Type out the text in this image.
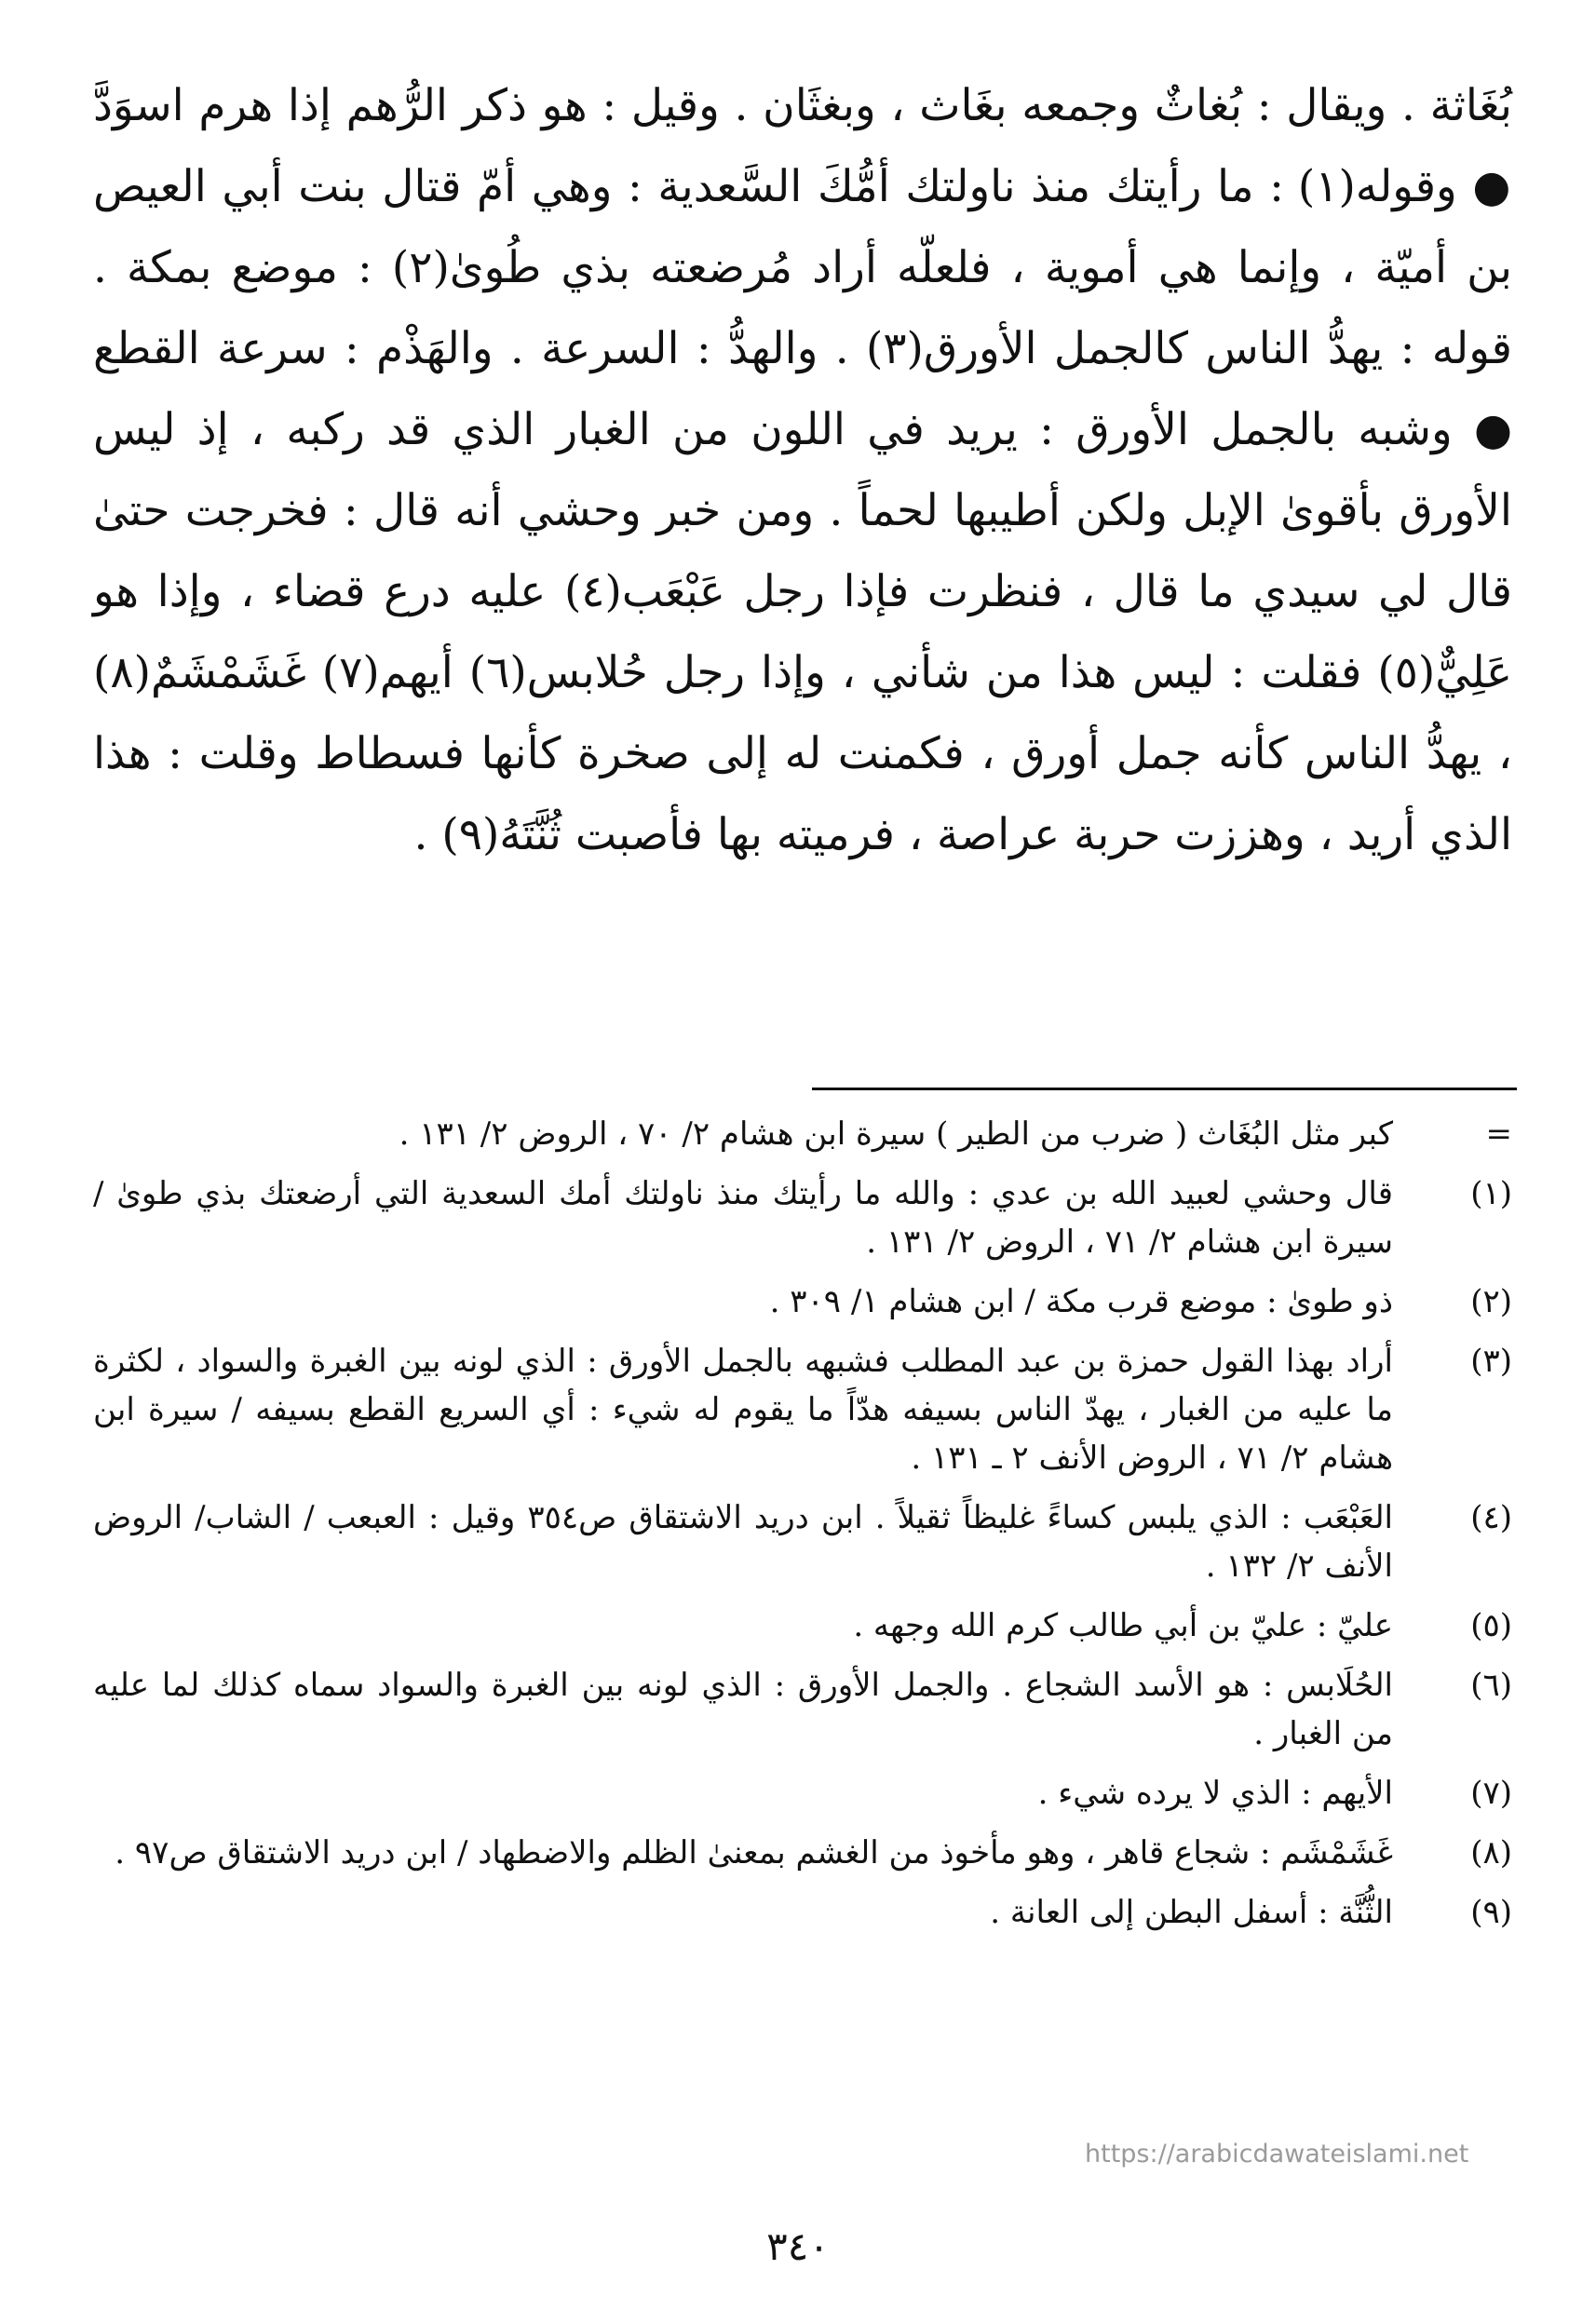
بُغَاثة . ويقال : بُغاثٌ وجمعه بغَاث ، وبغثَان . وقيل : هو ذكر الرُّهم إذا هرم اسوَدَّ ● وقوله(١) : ما رأيتك منذ ناولتك أمُّكَ السَّعدية : وهي أمّ قتال بنت أبي العيص بن أميّة ، وإنما هي أموية ، فلعلّه أراد مُرضعته بذي طُوىٰ(٢) : موضع بمكة . قوله : يهدُّ الناس كالجمل الأورق(٣) . والهدُّ : السرعة . والهَذْم : سرعة القطع ● وشبه بالجمل الأورق : يريد في اللون من الغبار الذي قد ركبه ، إذ ليس الأورق بأقوىٰ الإبل ولكن أطيبها لحماً . ومن خبر وحشي أنه قال : فخرجت حتىٰ قال لي سيدي ما قال ، فنظرت فإذا رجل عَبْعَب(٤) عليه درع قضاء ، وإذا هو عَلِيٌّ(٥) فقلت : ليس هذا من شأني ، وإذا رجل حُلابس(٦) أيهم(٧) غَشَمْشَمٌ(٨) ، يهدُّ الناس كأنه جمل أورق ، فكمنت له إلى صخرة كأنها فسطاط وقلت : هذا الذي أريد ، وهززت حربة عراصة ، فرميته بها فأصبت ثُنَّتَهُ(٩) .

=
كبر مثل البُغَاث ( ضرب من الطير ) سيرة ابن هشام ٢/ ٧٠ ، الروض ٢/ ١٣١ .
(١)
قال وحشي لعبيد الله بن عدي : والله ما رأيتك منذ ناولتك أمك السعدية التي أرضعتك بذي طوىٰ / سيرة ابن هشام ٢/ ٧١ ، الروض ٢/ ١٣١ .
(٢)
ذو طوىٰ : موضع قرب مكة / ابن هشام ١/ ٣٠٩ .
(٣)
أراد بهذا القول حمزة بن عبد المطلب فشبهه بالجمل الأورق : الذي لونه بين الغبرة والسواد ، لكثرة ما عليه من الغبار ، يهدّ الناس بسيفه هدّاً ما يقوم له شيء : أي السريع القطع بسيفه / سيرة ابن هشام ٢/ ٧١ ، الروض الأنف ٢ ـ ١٣١ .
(٤)
العَبْعَب : الذي يلبس كساءً غليظاً ثقيلاً . ابن دريد الاشتقاق ص٣٥٤ وقيل : العبعب / الشاب/ الروض الأنف ٢/ ١٣٢ .
(٥)
عليّ : عليّ بن أبي طالب كرم الله وجهه .
(٦)
الحُلَابس : هو الأسد الشجاع . والجمل الأورق : الذي لونه بين الغبرة والسواد سماه كذلك لما عليه من الغبار .
(٧)
الأيهم : الذي لا يرده شيء .
(٨)
غَشَمْشَم : شجاع قاهر ، وهو مأخوذ من الغشم بمعنىٰ الظلم والاضطهاد / ابن دريد الاشتقاق ص٩٧ .
(٩)
الثُّنَّة : أسفل البطن إلى العانة .
https://arabicdawateislami.net
٣٤٠
